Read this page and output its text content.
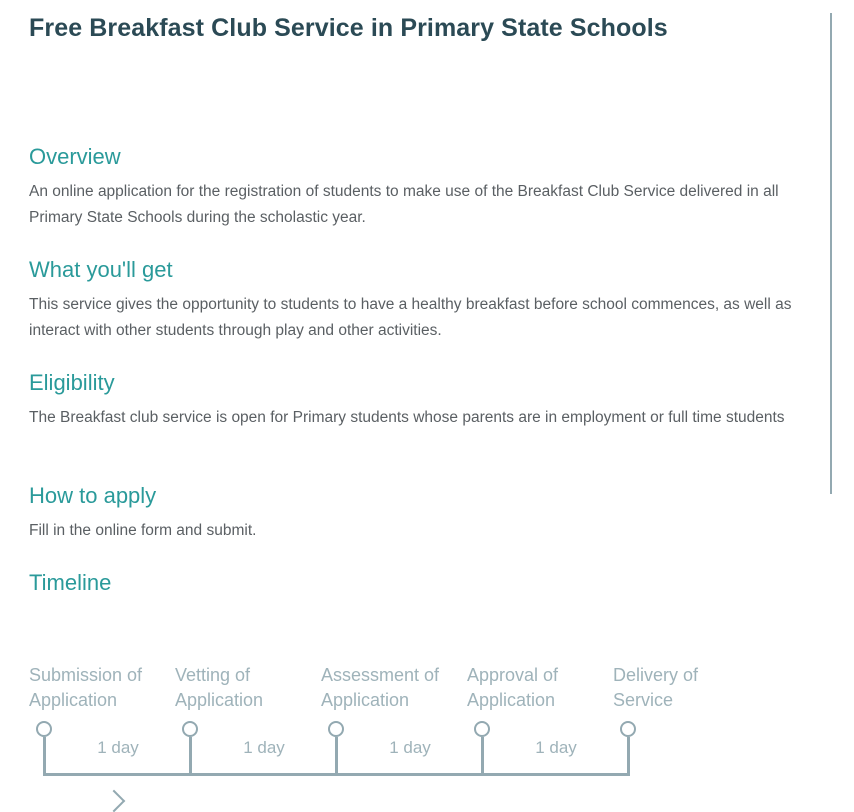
Free Breakfast Club Service in Primary State Schools
Overview

An online application for the registration of students to make use of the Breakfast Club Service delivered in all Primary State Schools during the scholastic year.

What you'll get

This service gives the opportunity to students to have a healthy breakfast before school commences, as well as interact with other students through play and other activities.

Eligibility

The Breakfast club service is open for Primary students whose parents are in employment or full time students

How to apply

Fill in the online form and submit.

Timeline
Submission of Application
Vetting of Application
Assessment of Application
Approval of Application
Delivery of Service
1 day	1 day	1 day	1 day
